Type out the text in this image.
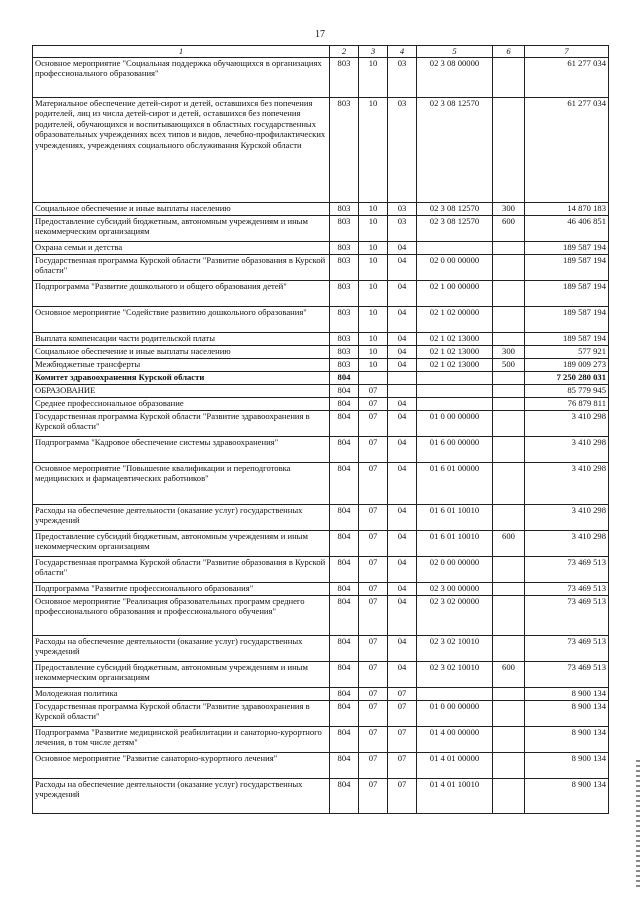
17
1	2	3	4	5	6	7
Основное мероприятие "Социальная поддержка обучающихся в организациях профессионального образования"	803	10	03	02 3 08 00000		61 277 034
Материальное обеспечение детей-сирот и детей, оставшихся без попечения родителей, лиц из числа детей-сирот и детей, оставшихся без попечения родителей, обучающихся и воспитывающихся в областных государственных образовательных учреждениях всех типов и видов, лечебно-профилактических учреждениях, учреждениях социального обслуживания Курской области	803	10	03	02 3 08 12570		61 277 034
Социальное обеспечение и иные выплаты населению	803	10	03	02 3 08 12570	300	14 870 183
Предоставление субсидий бюджетным, автономным учреждениям и иным некоммерческим организациям	803	10	03	02 3 08 12570	600	46 406 851
Охрана семьи и детства	803	10	04			189 587 194
Государственная программа Курской области "Развитие образования в Курской области"	803	10	04	02 0 00 00000		189 587 194
Подпрограмма "Развитие дошкольного и общего образования детей"	803	10	04	02 1 00 00000		189 587 194
Основное мероприятие "Содействие развитию дошкольного образования"	803	10	04	02 1 02 00000		189 587 194
Выплата компенсации части родительской платы	803	10	04	02 1 02 13000		189 587 194
Социальное обеспечение и иные выплаты населению	803	10	04	02 1 02 13000	300	577 921
Межбюджетные трансферты	803	10	04	02 1 02 13000	500	189 009 273
Комитет здравоохранения Курской области	804					7 250 280 031
ОБРАЗОВАНИЕ	804	07				85 779 945
Среднее профессиональное образование	804	07	04			76 879 811
Государственная программа Курской области "Развитие здравоохранения в Курской области"	804	07	04	01 0 00 00000		3 410 298
Подпрограмма "Кадровое обеспечение системы здравоохранения"	804	07	04	01 6 00 00000		3 410 298
Основное мероприятие "Повышение квалификации и переподготовка медицинских и фармацевтических работников"	804	07	04	01 6 01 00000		3 410 298
Расходы на обеспечение деятельности (оказание услуг) государственных учреждений	804	07	04	01 6 01 10010		3 410 298
Предоставление субсидий бюджетным, автономным учреждениям и иным некоммерческим организациям	804	07	04	01 6 01 10010	600	3 410 298
Государственная программа Курской области "Развитие образования в Курской области"	804	07	04	02 0 00 00000		73 469 513
Подпрограмма "Развитие профессионального образования"	804	07	04	02 3 00 00000		73 469 513
Основное мероприятие "Реализация образовательных программ среднего профессионального образования и профессионального обучения"	804	07	04	02 3 02 00000		73 469 513
Расходы на обеспечение деятельности (оказание услуг) государственных учреждений	804	07	04	02 3 02 10010		73 469 513
Предоставление субсидий бюджетным, автономным учреждениям и иным некоммерческим организациям	804	07	04	02 3 02 10010	600	73 469 513
Молодежная политика	804	07	07			8 900 134
Государственная программа Курской области "Развитие здравоохранения в Курской области"	804	07	07	01 0 00 00000		8 900 134
Подпрограмма "Развитие медицинской реабилитации и санаторно-курортного лечения, в том числе детям"	804	07	07	01 4 00 00000		8 900 134
Основное мероприятие "Развитие санаторно-курортного лечения"	804	07	07	01 4 01 00000		8 900 134
Расходы на обеспечение деятельности (оказание услуг) государственных учреждений	804	07	07	01 4 01 10010		8 900 134
